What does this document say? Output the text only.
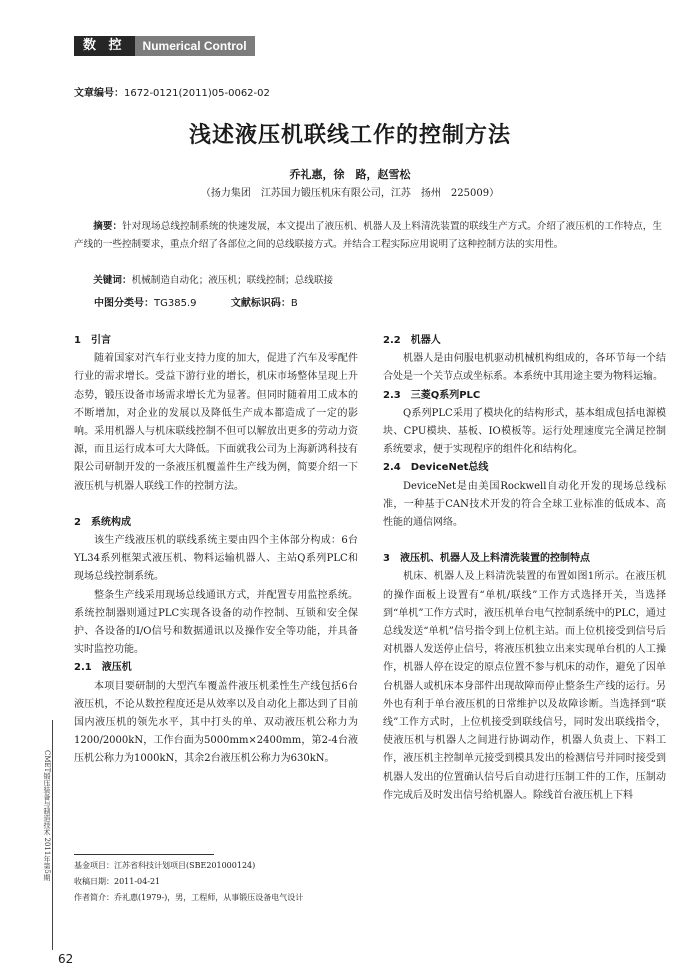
数 控	Numerical Control
文章编号：1672-0121(2011)05-0062-02
浅述液压机联线工作的控制方法
乔礼惠，徐　路，赵雪松
（扬力集团　江苏国力锻压机床有限公司，江苏　扬州　225009）
摘要：针对现场总线控制系统的快速发展，本文提出了液压机、机器人及上料清洗装置的联线生产方式。介绍了液压机的工作特点，生产线的一些控制要求，重点介绍了各部位之间的总线联接方式。并结合工程实际应用说明了这种控制方法的实用性。
关键词：机械制造自动化；液压机；联线控制；总线联接
中图分类号：TG385.9	文献标识码：B
1　引言

随着国家对汽车行业支持力度的加大，促进了汽车及零配件行业的需求增长。受益下游行业的增长，机床市场整体呈现上升态势，锻压设备市场需求增长尤为显著。但同时随着用工成本的不断增加，对企业的发展以及降低生产成本都造成了一定的影响。采用机器人与机床联线控制不但可以解放出更多的劳动力资源，而且运行成本可大大降低。下面就我公司为上海新鸿科技有限公司研制开发的一条液压机覆盖件生产线为例，简要介绍一下液压机与机器人联线工作的控制方法。

2　系统构成

该生产线液压机的联线系统主要由四个主体部分构成：6台YL34系列框架式液压机、物料运输机器人、主站Q系列PLC和现场总线控制系统。

整条生产线采用现场总线通讯方式，并配置专用监控系统。系统控制器则通过PLC实现各设备的动作控制、互锁和安全保护、各设备的I/O信号和数据通讯以及操作安全等功能，并具备实时监控功能。

2.1　液压机

本项目要研制的大型汽车覆盖件液压机柔性生产线包括6台液压机，不论从数控程度还是从效率以及自动化上都达到了目前国内液压机的领先水平，其中打头的单、双动液压机公称力为1200/2000kN，工作台面为5000mm×2400mm，第2-4台液压机公称力为1000kN，其余2台液压机公称力为630kN。

2.2　机器人

机器人是由伺服电机驱动机械机构组成的，各环节每一个结合处是一个关节点或坐标系。本系统中其用途主要为物料运输。

2.3　三菱Q系列PLC

Q系列PLC采用了模块化的结构形式，基本组成包括电源模块、CPU模块、基板、IO模板等。运行处理速度完全满足控制系统要求，便于实现程序的组件化和结构化。

2.4　DeviceNet总线

DeviceNet是由美国Rockwell自动化开发的现场总线标准，一种基于CAN技术开发的符合全球工业标准的低成本、高性能的通信网络。

3　液压机、机器人及上料清洗装置的控制特点

机床、机器人及上料清洗装置的布置如图1所示。在液压机的操作面板上设置有“单机/联线”工作方式选择开关，当选择到“单机”工作方式时，液压机单台电气控制系统中的PLC，通过总线发送“单机”信号指令到上位机主站。而上位机接受到信号后对机器人发送停止信号，将液压机独立出来实现单台机的人工操作，机器人停在设定的原点位置不参与机床的动作，避免了因单台机器人或机床本身部件出现故障而停止整条生产线的运行。另外也有利于单台液压机的日常维护以及故障诊断。当选择到“联线”工作方式时，上位机接受到联线信号，同时发出联线指令，使液压机与机器人之间进行协调动作，机器人负责上、下料工作，液压机主控制单元接受到模具发出的检测信号并同时接受到机器人发出的位置确认信号后自动进行压制工件的工作，压制动作完成后及时发出信号给机器人。除线首台液压机上下料

基金项目：江苏省科技计划项目(SBE201000124)
收稿日期：2011-04-21
作者简介：乔礼惠(1979-)，男，工程师，从事锻压设备电气设计
CMET锻压装备与制造技术 2011年第5期
62
